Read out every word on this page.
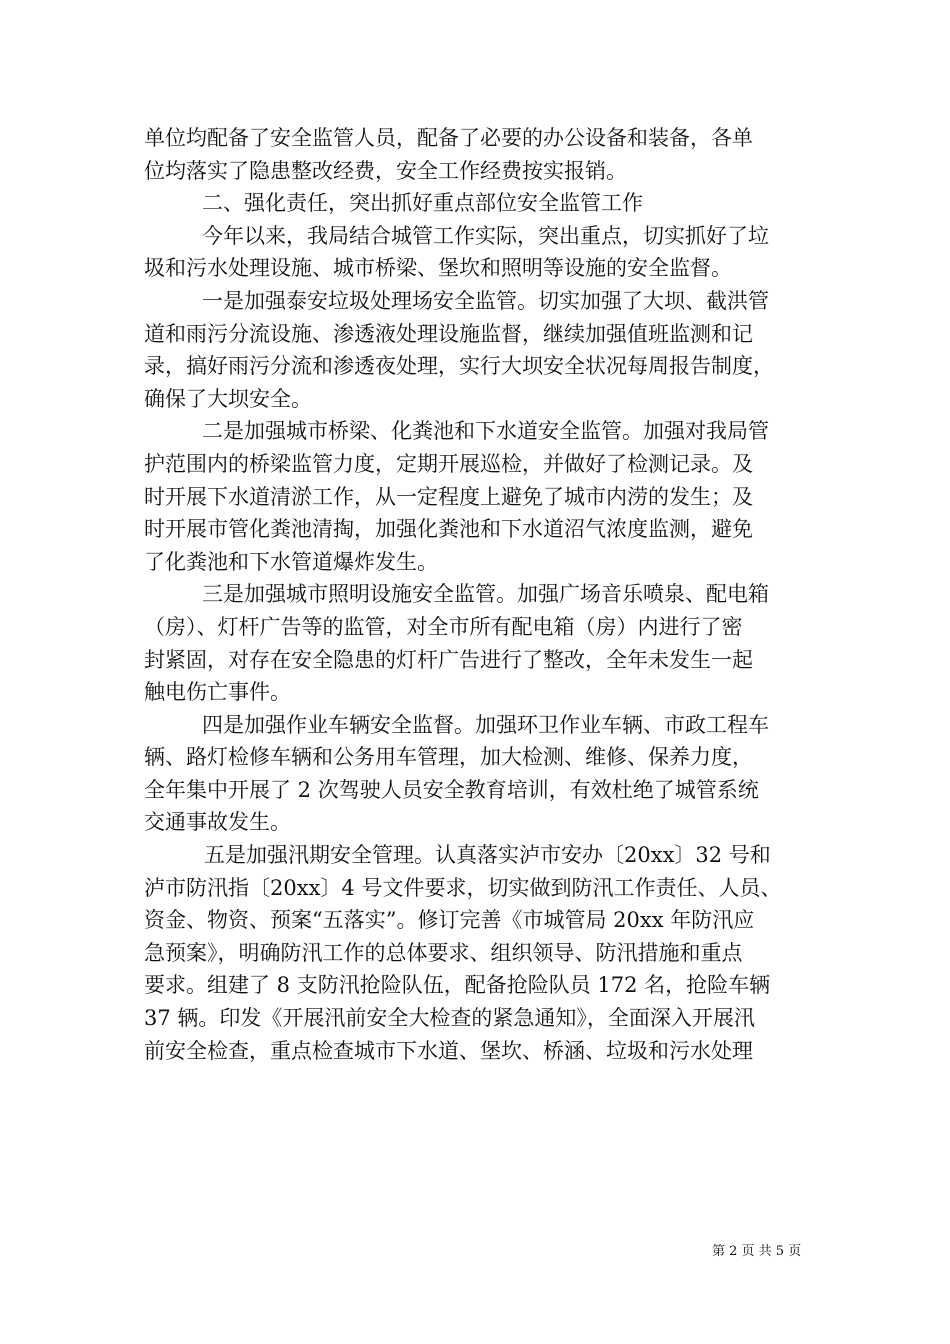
单位均配备了安全监管人员，配备了必要的办公设备和装备，各单
位均落实了隐患整改经费，安全工作经费按实报销。
二、强化责任，突出抓好重点部位安全监管工作
今年以来，我局结合城管工作实际，突出重点，切实抓好了垃
圾和污水处理设施、城市桥梁、堡坎和照明等设施的安全监督。
一是加强泰安垃圾处理场安全监管。切实加强了大坝、截洪管
道和雨污分流设施、渗透液处理设施监督，继续加强值班监测和记
录，搞好雨污分流和渗透夜处理，实行大坝安全状况每周报告制度，
确保了大坝安全。
二是加强城市桥梁、化粪池和下水道安全监管。加强对我局管
护范围内的桥梁监管力度，定期开展巡检，并做好了检测记录。及
时开展下水道清淤工作，从一定程度上避免了城市内涝的发生；及
时开展市管化粪池清掏，加强化粪池和下水道沼气浓度监测，避免
了化粪池和下水管道爆炸发生。
三是加强城市照明设施安全监管。加强广场音乐喷泉、配电箱
（房）、灯杆广告等的监管，对全市所有配电箱（房）内进行了密
封紧固，对存在安全隐患的灯杆广告进行了整改，全年未发生一起
触电伤亡事件。
四是加强作业车辆安全监督。加强环卫作业车辆、市政工程车
辆、路灯检修车辆和公务用车管理，加大检测、维修、保养力度，
全年集中开展了 2 次驾驶人员安全教育培训，有效杜绝了城管系统
交通事故发生。
五是加强汛期安全管理。认真落实泸市安办〔20xx〕32 号和
泸市防汛指〔20xx〕4 号文件要求，切实做到防汛工作责任、人员、
资金、物资、预案“五落实”。修订完善《市城管局 20xx 年防汛应
急预案》，明确防汛工作的总体要求、组织领导、防汛措施和重点
要求。组建了 8 支防汛抢险队伍，配备抢险队员 172 名，抢险车辆
37 辆。印发《开展汛前安全大检查的紧急通知》，全面深入开展汛
前安全检查，重点检查城市下水道、堡坎、桥涵、垃圾和污水处理
第 2 页 共 5 页
